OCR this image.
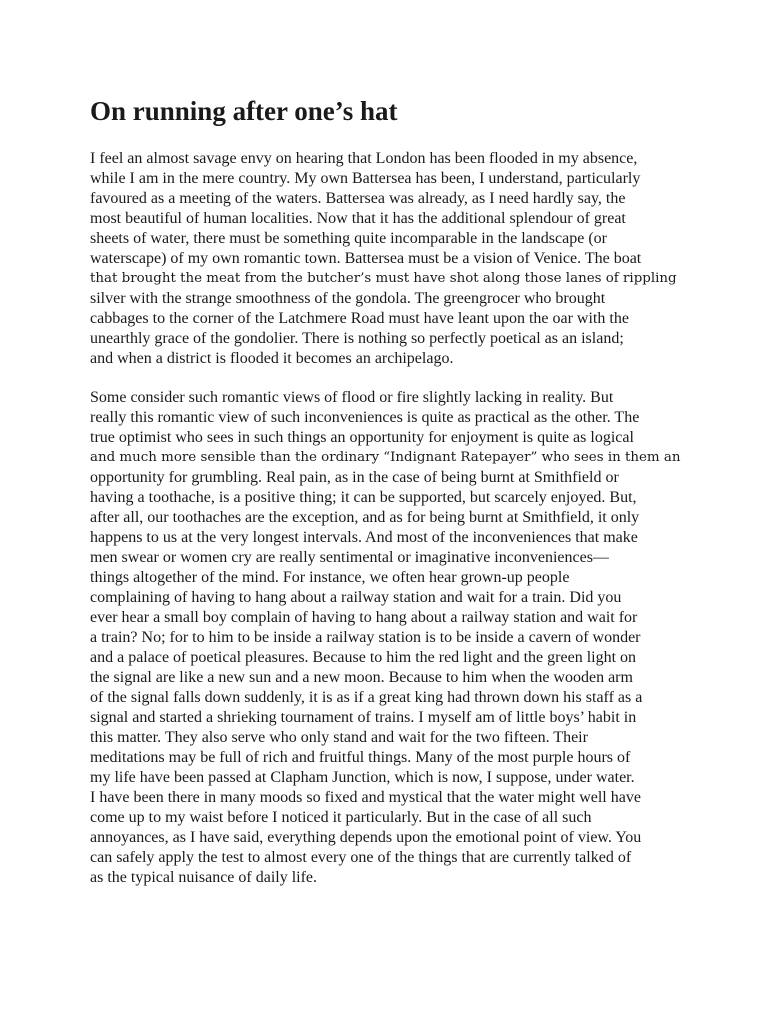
On running after one’s hat

I feel an almost savage envy on hearing that London has been flooded in my absence,
while I am in the mere country. My own Battersea has been, I understand, particularly
favoured as a meeting of the waters. Battersea was already, as I need hardly say, the
most beautiful of human localities. Now that it has the additional splendour of great
sheets of water, there must be something quite incomparable in the landscape (or
waterscape) of my own romantic town. Battersea must be a vision of Venice. The boat
that brought the meat from the butcher’s must have shot along those lanes of rippling
silver with the strange smoothness of the gondola. The greengrocer who brought
cabbages to the corner of the Latchmere Road must have leant upon the oar with the
unearthly grace of the gondolier. There is nothing so perfectly poetical as an island;
and when a district is flooded it becomes an archipelago.

Some consider such romantic views of flood or fire slightly lacking in reality. But
really this romantic view of such inconveniences is quite as practical as the other. The
true optimist who sees in such things an opportunity for enjoyment is quite as logical
and much more sensible than the ordinary “Indignant Ratepayer” who sees in them an
opportunity for grumbling. Real pain, as in the case of being burnt at Smithfield or
having a toothache, is a positive thing; it can be supported, but scarcely enjoyed. But,
after all, our toothaches are the exception, and as for being burnt at Smithfield, it only
happens to us at the very longest intervals. And most of the inconveniences that make
men swear or women cry are really sentimental or imaginative inconveniences—
things altogether of the mind. For instance, we often hear grown-up people
complaining of having to hang about a railway station and wait for a train. Did you
ever hear a small boy complain of having to hang about a railway station and wait for
a train? No; for to him to be inside a railway station is to be inside a cavern of wonder
and a palace of poetical pleasures. Because to him the red light and the green light on
the signal are like a new sun and a new moon. Because to him when the wooden arm
of the signal falls down suddenly, it is as if a great king had thrown down his staff as a
signal and started a shrieking tournament of trains. I myself am of little boys’ habit in
this matter. They also serve who only stand and wait for the two fifteen. Their
meditations may be full of rich and fruitful things. Many of the most purple hours of
my life have been passed at Clapham Junction, which is now, I suppose, under water.
I have been there in many moods so fixed and mystical that the water might well have
come up to my waist before I noticed it particularly. But in the case of all such
annoyances, as I have said, everything depends upon the emotional point of view. You
can safely apply the test to almost every one of the things that are currently talked of
as the typical nuisance of daily life.
